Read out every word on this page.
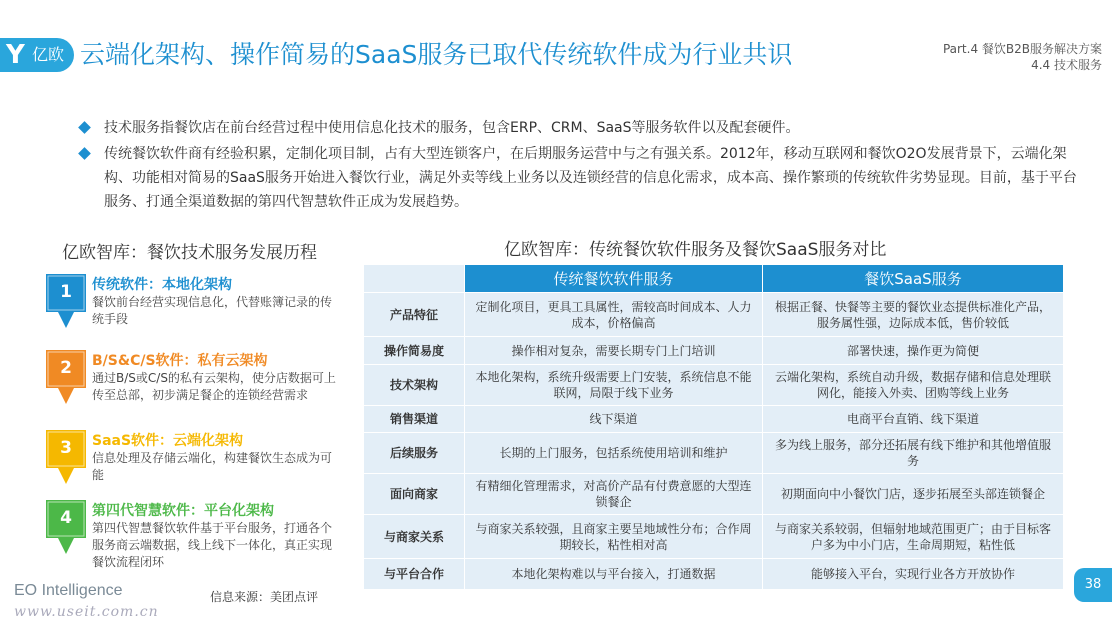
Y 亿欧 云端化架构、操作简易的SaaS服务已取代传统软件成为行业共识	Part.4 餐饮B2B服务解决方案
4.4 技术服务
技术服务指餐饮店在前台经营过程中使用信息化技术的服务，包含ERP、CRM、SaaS等服务软件以及配套硬件。
传统餐饮软件商有经验积累，定制化项目制，占有大型连锁客户，在后期服务运营中与之有强关系。2012年，移动互联网和餐饮O2O发展背景下，云端化架构、功能相对简易的SaaS服务开始进入餐饮行业，满足外卖等线上业务以及连锁经营的信息化需求，成本高、操作繁琐的传统软件劣势显现。目前，基于平台服务、打通全渠道数据的第四代智慧软件正成为发展趋势。
亿欧智库：餐饮技术服务发展历程	亿欧智库：传统餐饮软件服务及餐饮SaaS服务对比
1	传统软件：本地化架构
餐饮前台经营实现信息化，代替账簿记录的传统手段
2	B/S&C/S软件：私有云架构
通过B/S或C/S的私有云架构，使分店数据可上传至总部，初步满足餐企的连锁经营需求
3	SaaS软件：云端化架构
信息处理及存储云端化，构建餐饮生态成为可能
4	第四代智慧软件：平台化架构
第四代智慧餐饮软件基于平台服务，打通各个服务商云端数据，线上线下一体化，真正实现餐饮流程闭环
	传统餐饮软件服务	餐饮SaaS服务
产品特征	定制化项目，更具工具属性，需较高时间成本、人力成本，价格偏高	根据正餐、快餐等主要的餐饮业态提供标准化产品，服务属性强，边际成本低，售价较低
操作简易度	操作相对复杂，需要长期专门上门培训	部署快速，操作更为简便
技术架构	本地化架构，系统升级需要上门安装，系统信息不能联网，局限于线下业务	云端化架构，系统自动升级，数据存储和信息处理联网化，能接入外卖、团购等线上业务
销售渠道	线下渠道	电商平台直销、线下渠道
后续服务	长期的上门服务，包括系统使用培训和维护	多为线上服务，部分还拓展有线下维护和其他增值服务
面向商家	有精细化管理需求，对高价产品有付费意愿的大型连锁餐企	初期面向中小餐饮门店，逐步拓展至头部连锁餐企
与商家关系	与商家关系较强，且商家主要呈地域性分布；合作周期较长，粘性相对高	与商家关系较弱，但辐射地域范围更广；由于目标客户多为中小门店，生命周期短，粘性低
与平台合作	本地化架构难以与平台接入，打通数据	能够接入平台，实现行业各方开放协作
EO Intelligence	信息来源：美团点评
www.useit.com.cn
38
